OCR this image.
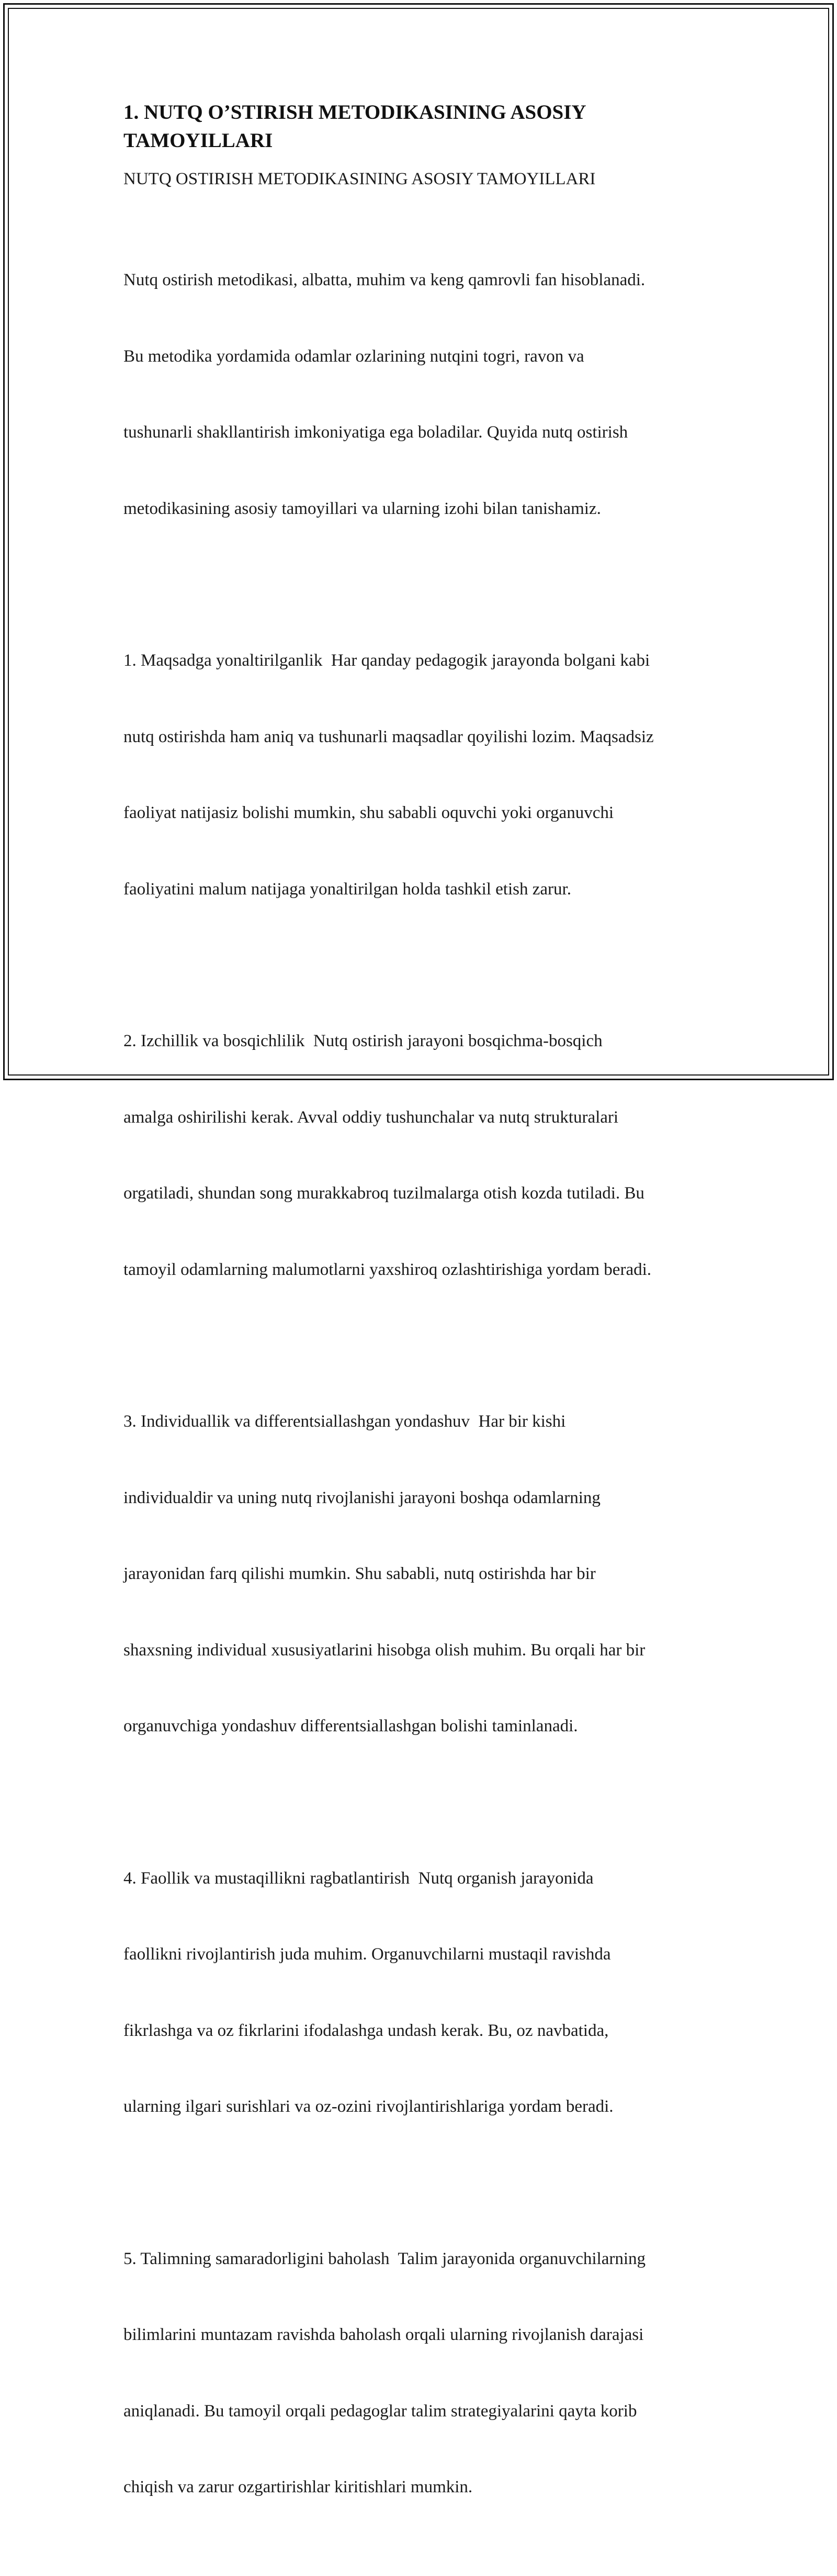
1. NUTQ O’STIRISH METODIKASINING ASOSIY
TAMOYILLARI

NUTQ OSTIRISH METODIKASINING ASOSIY TAMOYILLARI

Nutq ostirish metodikasi, albatta, muhim va keng qamrovli fan hisoblanadi.

Bu metodika yordamida odamlar ozlarining nutqini togri, ravon va

tushunarli shakllantirish imkoniyatiga ega boladilar. Quyida nutq ostirish

metodikasining asosiy tamoyillari va ularning izohi bilan tanishamiz.

1. Maqsadga yonaltirilganlik  Har qanday pedagogik jarayonda bolgani kabi

nutq ostirishda ham aniq va tushunarli maqsadlar qoyilishi lozim. Maqsadsiz

faoliyat natijasiz bolishi mumkin, shu sababli oquvchi yoki organuvchi

faoliyatini malum natijaga yonaltirilgan holda tashkil etish zarur.

2. Izchillik va bosqichlilik  Nutq ostirish jarayoni bosqichma-bosqich

amalga oshirilishi kerak. Avval oddiy tushunchalar va nutq strukturalari

orgatiladi, shundan song murakkabroq tuzilmalarga otish kozda tutiladi. Bu

tamoyil odamlarning malumotlarni yaxshiroq ozlashtirishiga yordam beradi.

3. Individuallik va differentsiallashgan yondashuv  Har bir kishi

individualdir va uning nutq rivojlanishi jarayoni boshqa odamlarning

jarayonidan farq qilishi mumkin. Shu sababli, nutq ostirishda har bir

shaxsning individual xususiyatlarini hisobga olish muhim. Bu orqali har bir

organuvchiga yondashuv differentsiallashgan bolishi taminlanadi.

4. Faollik va mustaqillikni ragbatlantirish  Nutq organish jarayonida

faollikni rivojlantirish juda muhim. Organuvchilarni mustaqil ravishda

fikrlashga va oz fikrlarini ifodalashga undash kerak. Bu, oz navbatida,

ularning ilgari surishlari va oz-ozini rivojlantirishlariga yordam beradi.

5. Talimning samaradorligini baholash  Talim jarayonida organuvchilarning

bilimlarini muntazam ravishda baholash orqali ularning rivojlanish darajasi

aniqlanadi. Bu tamoyil orqali pedagoglar talim strategiyalarini qayta korib

chiqish va zarur ozgartirishlar kiritishlari mumkin.
